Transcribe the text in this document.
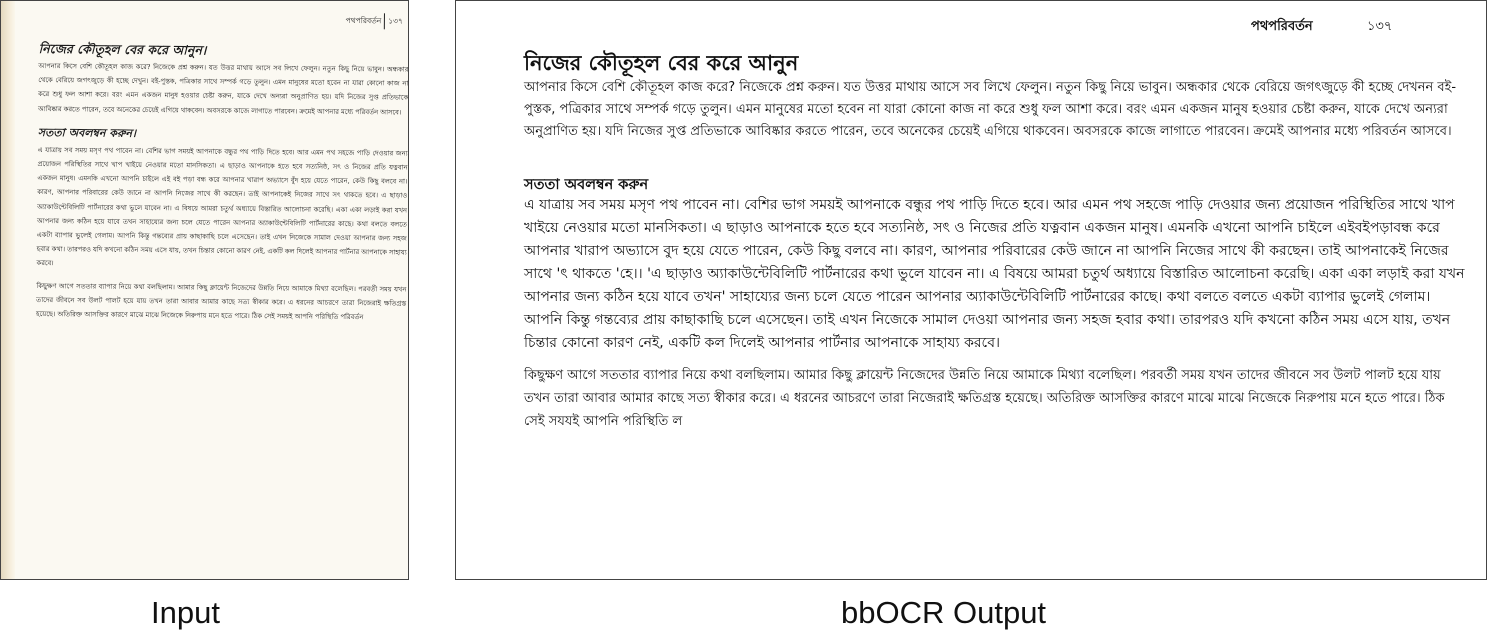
পথপরিবর্তন ১৩৭
নিজের কৌতূহল বের করে আনুন।

আপনার কিসে বেশি কৌতূহল কাজ করে? নিজেকে প্রশ্ন করুন। যত উত্তর মাথায় আসে সব লিখে ফেলুন। নতুন কিছু নিয়ে ভাবুন। অন্ধকার থেকে বেরিয়ে জগৎজুড়ে কী হচ্ছে দেখুন। বই-পুস্তক, পত্রিকার সাথে সম্পর্ক গড়ে তুলুন। এমন মানুষের মতো হবেন না যারা কোনো কাজ না করে শুধু ফল আশা করে। বরং এমন একজন মানুষ হওয়ার চেষ্টা করুন, যাকে দেখে অন্যরা অনুপ্রাণিত হয়। যদি নিজের সুপ্ত প্রতিভাকে আবিষ্কার করতে পারেন, তবে অনেকের চেয়েই এগিয়ে থাকবেন। অবসরকে কাজে লাগাতে পারবেন। ক্রমেই আপনার মধ্যে পরিবর্তন আসবে।

সততা অবলম্বন করুন।

এ যাত্রায় সব সময় মসৃণ পথ পাবেন না। বেশির ভাগ সময়ই আপনাকে বন্ধুর পথ পাড়ি দিতে হবে। আর এমন পথ সহজে পাড়ি দেওয়ার জন্য প্রয়োজন পরিস্থিতির সাথে খাপ খাইয়ে নেওয়ার মতো মানসিকতা। এ ছাড়াও আপনাকে হতে হবে সত্যনিষ্ঠ, সৎ ও নিজের প্রতি যত্নবান একজন মানুষ। এমনকি এখনো আপনি চাইলে এই বই পড়া বন্ধ করে আপনার খারাপ অভ্যাসে বুঁদ হয়ে যেতে পারেন, কেউ কিছু বলবে না। কারণ, আপনার পরিবারের কেউ জানে না আপনি নিজের সাথে কী করছেন। তাই আপনাকেই নিজের সাথে সৎ থাকতে হবে। এ ছাড়াও অ্যাকাউন্টেবিলিটি পার্টনারের কথা ভুলে যাবেন না। এ বিষয়ে আমরা চতুর্থ অধ্যায়ে বিস্তারিত আলোচনা করেছি। একা একা লড়াই করা যখন আপনার জন্য কঠিন হয়ে যাবে তখন সাহায্যের জন্য চলে যেতে পারেন আপনার অ্যাকাউন্টেবিলিটি পার্টনারের কাছে। কথা বলতে বলতে একটা ব্যাপার ভুলেই গেলাম। আপনি কিন্তু গন্তব্যের প্রায় কাছাকাছি চলে এসেছেন। তাই এখন নিজেকে সামাল দেওয়া আপনার জন্য সহজ হবার কথা। তারপরও যদি কখনো কঠিন সময় এসে যায়, তখন চিন্তার কোনো কারণ নেই, একটি কল দিলেই আপনার পার্টনার আপনাকে সাহায্য করবে।

কিছুক্ষণ আগে সততার ব্যাপার নিয়ে কথা বলছিলাম। আমার কিছু ক্লায়েন্ট নিজেদের উন্নতি নিয়ে আমাকে মিথ্যা বলেছিল। পরবর্তী সময় যখন তাদের জীবনে সব উলট পালট হয়ে যায় তখন তারা আবার আমার কাছে সত্য স্বীকার করে। এ ধরনের আচরণে তারা নিজেরাই ক্ষতিগ্রস্ত হয়েছে। অতিরিক্ত আসক্তির কারণে মাঝে মাঝে নিজেকে নিরুপায় মনে হতে পারে। ঠিক সেই সময়ই আপনি পরিস্থিতি পরিবর্তন

পথপরিবর্তন	১৩৭
নিজের কৌতূহল বের করে আনুন

আপনার কিসে বেশি কৌতূহল কাজ করে? নিজেকে প্রশ্ন করুন। যত উত্তর মাথায় আসে সব লিখে ফেলুন। নতুন কিছু নিয়ে ভাবুন। অন্ধকার থেকে বেরিয়ে জগৎজুড়ে কী হচ্ছে দেখনন বই-পুস্তক, পত্রিকার সাথে সম্পর্ক গড়ে তুলুন। এমন মানুষের মতো হবেন না যারা কোনো কাজ না করে শুধু ফল আশা করে। বরং এমন একজন মানুষ হওয়ার চেষ্টা করুন, যাকে দেখে অন্যরা অনুপ্রাণিত হয়। যদি নিজের সুপ্ত প্রতিভাকে আবিষ্কার করতে পারেন, তবে অনেকের চেয়েই এগিয়ে থাকবেন। অবসরকে কাজে লাগাতে পারবেন। ক্রমেই আপনার মধ্যে পরিবর্তন আসবে।

সততা অবলম্বন করুন

এ যাত্রায় সব সময় মসৃণ পথ পাবেন না। বেশির ভাগ সময়ই আপনাকে বন্ধুর পথ পাড়ি দিতে হবে। আর এমন পথ সহজে পাড়ি দেওয়ার জন্য প্রয়োজন পরিস্থিতির সাথে খাপ খাইয়ে নেওয়ার মতো মানসিকতা। এ ছাড়াও আপনাকে হতে হবে সত্যনিষ্ঠ, সৎ ও নিজের প্রতি যত্নবান একজন মানুষ। এমনকি এখনো আপনি চাইলে এইবইপড়াবন্ধ করে আপনার খারাপ অভ্যাসে বুদ হয়ে যেতে পারেন, কেউ কিছু বলবে না। কারণ, আপনার পরিবারের কেউ জানে না আপনি নিজের সাথে কী করছেন। তাই আপনাকেই নিজের সাথে 'ৎ থাকতে 'হে।। 'এ ছাড়াও অ্যাকাউন্টেবিলিটি পার্টনারের কথা ভুলে যাবেন না। এ বিষয়ে আমরা চতুর্থ অধ্যায়ে বিস্তারিত আলোচনা করেছি। একা একা লড়াই করা যখন আপনার জন্য কঠিন হয়ে যাবে তখন' সাহায্যের জন্য চলে যেতে পারেন আপনার অ্যাকাউন্টেবিলিটি পার্টনারের কাছে। কথা বলতে বলতে একটা ব্যাপার ভুলেই গেলাম। আপনি কিন্তু গন্তব্যের প্রায় কাছাকাছি চলে এসেছেন। তাই এখন নিজেকে সামাল দেওয়া আপনার জন্য সহজ হবার কথা। তারপরও যদি কখনো কঠিন সময় এসে যায়, তখন চিন্তার কোনো কারণ নেই, একটি কল দিলেই আপনার পার্টনার আপনাকে সাহায্য করবে।

কিছুক্ষণ আগে সততার ব্যাপার নিয়ে কথা বলছিলাম। আমার কিছু ক্লায়েন্ট নিজেদের উন্নতি নিয়ে আমাকে মিথ্যা বলেছিল। পরবর্তী সময় যখন তাদের জীবনে সব উলট পালট হয়ে যায় তখন তারা আবার আমার কাছে সত্য স্বীকার করে। এ ধরনের আচরণে তারা নিজেরাই ক্ষতিগ্রস্ত হয়েছে। অতিরিক্ত আসক্তির কারণে মাঝে মাঝে নিজেকে নিরুপায় মনে হতে পারে। ঠিক সেই সযযই আপনি পরিস্থিতি ল

Input	bbOCR Output
